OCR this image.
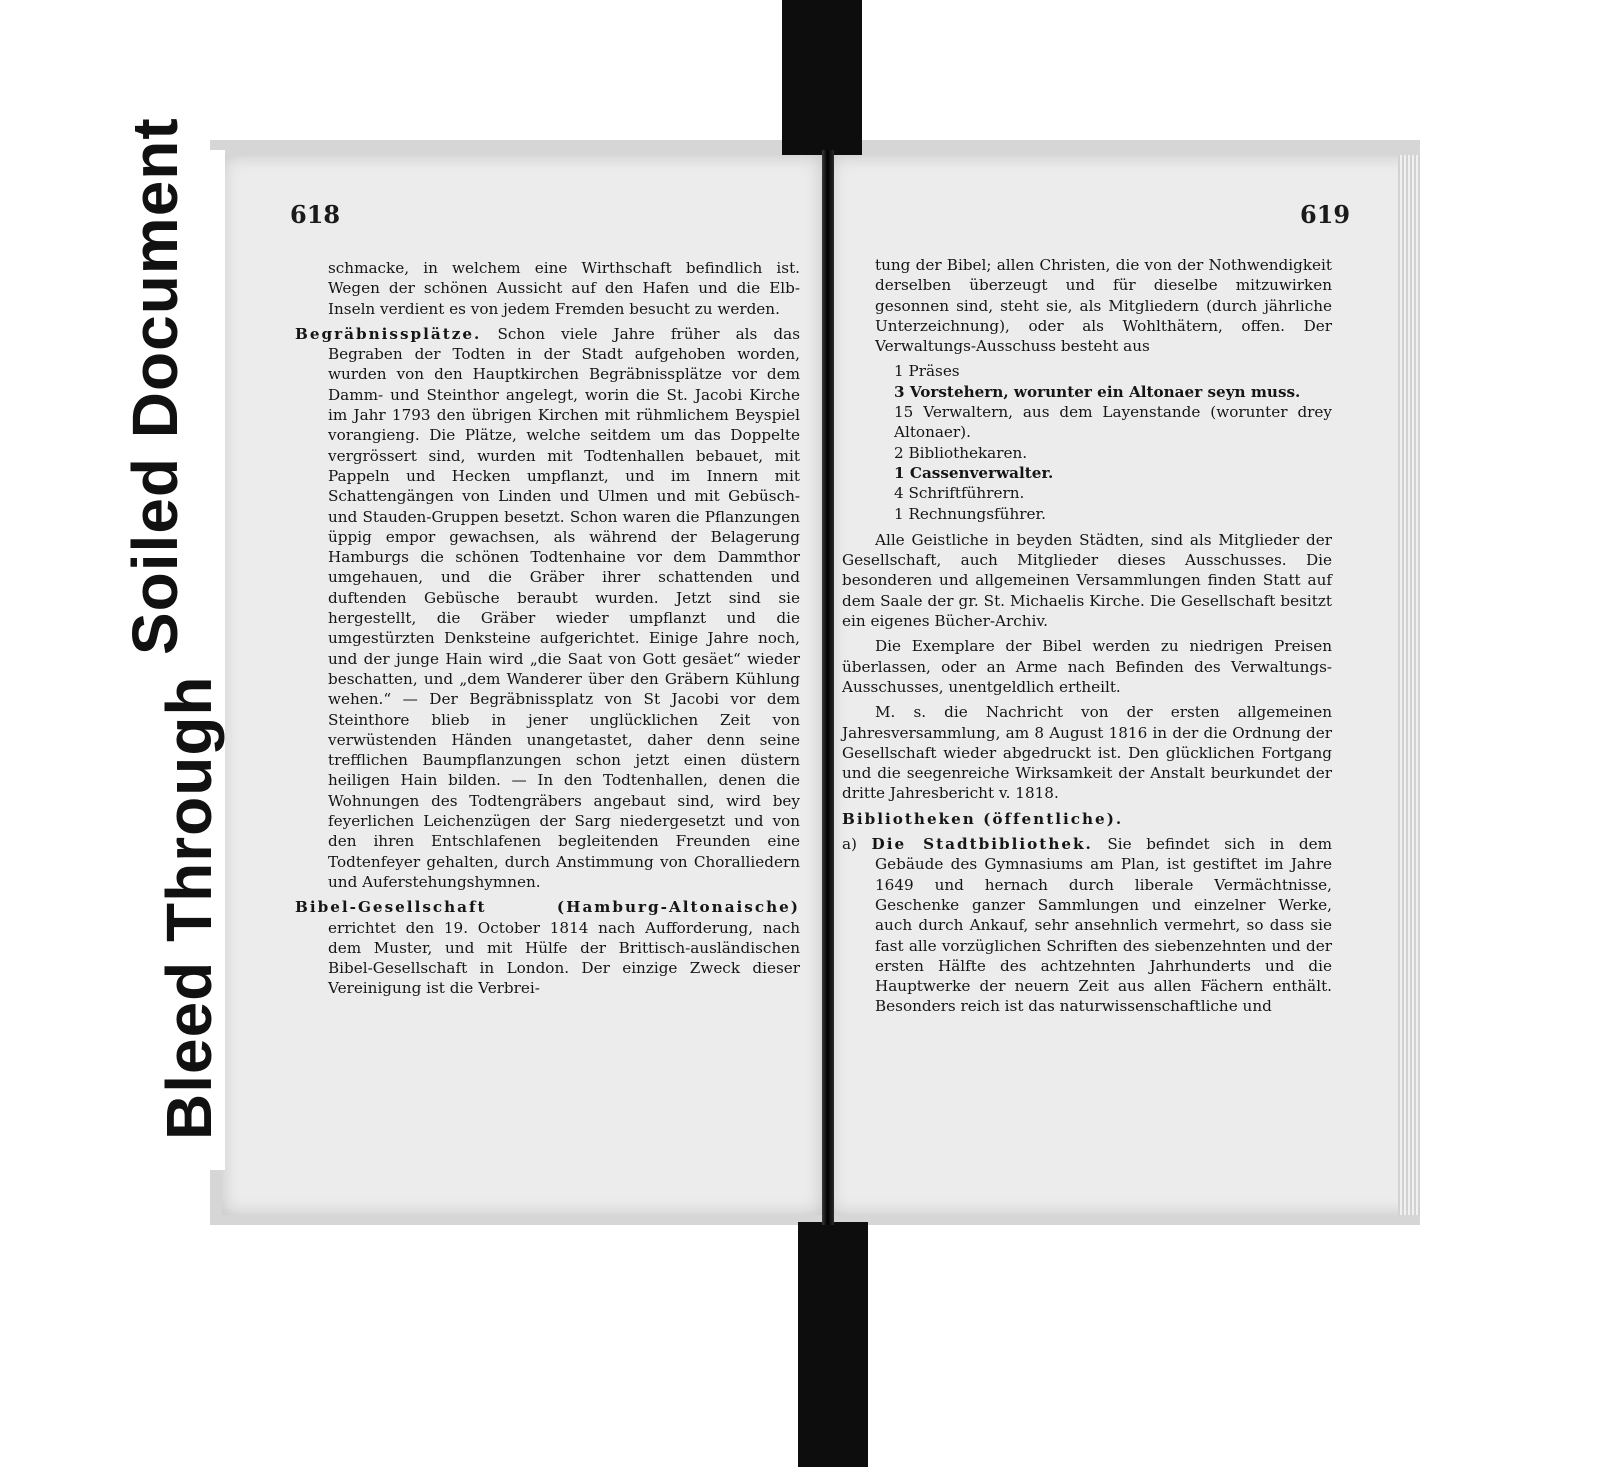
Soiled Document
Bleed Through
618	619

schmacke, in welchem eine Wirthschaft befindlich ist. Wegen der schönen Aussicht auf den Hafen und die Elb-Inseln verdient es von jedem Fremden besucht zu werden.

Begräbnissplätze. Schon viele Jahre früher als das Begraben der Todten in der Stadt aufgehoben worden, wurden von den Hauptkirchen Begräbnissplätze vor dem Damm- und Steinthor angelegt, worin die St. Jacobi Kirche im Jahr 1793 den übrigen Kirchen mit rühmlichem Beyspiel vorangieng. Die Plätze, welche seitdem um das Doppelte vergrössert sind, wurden mit Todtenhallen bebauet, mit Pappeln und Hecken umpflanzt, und im Innern mit Schattengängen von Linden und Ulmen und mit Gebüsch- und Stauden-Gruppen besetzt. Schon waren die Pflanzungen üppig empor gewachsen, als während der Belagerung Hamburgs die schönen Todtenhaine vor dem Dammthor umgehauen, und die Gräber ihrer schattenden und duftenden Gebüsche beraubt wurden. Jetzt sind sie hergestellt, die Gräber wieder umpflanzt und die umgestürzten Denksteine aufgerichtet. Einige Jahre noch, und der junge Hain wird „die Saat von Gott gesäet“ wieder beschatten, und „dem Wanderer über den Gräbern Kühlung wehen.“ — Der Begräbnissplatz von St Jacobi vor dem Steinthore blieb in jener unglücklichen Zeit von verwüstenden Händen unangetastet, daher denn seine trefflichen Baumpflanzungen schon jetzt einen düstern heiligen Hain bilden. — In den Todtenhallen, denen die Wohnungen des Todtengräbers angebaut sind, wird bey feyerlichen Leichenzügen der Sarg niedergesetzt und von den ihren Entschlafenen begleitenden Freunden eine Todtenfeyer gehalten, durch Anstimmung von Choralliedern und Auferstehungshymnen.

Bibel-Gesellschaft (Hamburg-Altonaische) errichtet den 19. October 1814 nach Aufforderung, nach dem Muster, und mit Hülfe der Brittisch-ausländischen Bibel-Gesellschaft in London. Der einzige Zweck dieser Vereinigung ist die Verbrei-

tung der Bibel; allen Christen, die von der Nothwendigkeit derselben überzeugt und für dieselbe mitzuwirken gesonnen sind, steht sie, als Mitgliedern (durch jährliche Unterzeichnung), oder als Wohlthätern, offen. Der Verwaltungs-Ausschuss besteht aus

1 Präses
3 Vorstehern, worunter ein Altonaer seyn muss.
15 Verwaltern, aus dem Layenstande (worunter drey Altonaer).
2 Bibliothekaren.
1 Cassenverwalter.
4 Schriftführern.
1 Rechnungsführer.

Alle Geistliche in beyden Städten, sind als Mitglieder der Gesellschaft, auch Mitglieder dieses Ausschusses. Die besonderen und allgemeinen Versammlungen finden Statt auf dem Saale der gr. St. Michaelis Kirche. Die Gesellschaft besitzt ein eigenes Bücher-Archiv.

Die Exemplare der Bibel werden zu niedrigen Preisen überlassen, oder an Arme nach Befinden des Verwaltungs-Ausschusses, unentgeldlich ertheilt.

M. s. die Nachricht von der ersten allgemeinen Jahresversammlung, am 8 August 1816 in der die Ordnung der Gesellschaft wieder abgedruckt ist. Den glücklichen Fortgang und die seegenreiche Wirksamkeit der Anstalt beurkundet der dritte Jahresbericht v. 1818.

Bibliotheken (öffentliche).

a) Die Stadtbibliothek. Sie befindet sich in dem Gebäude des Gymnasiums am Plan, ist gestiftet im Jahre 1649 und hernach durch liberale Vermächtnisse, Geschenke ganzer Sammlungen und einzelner Werke, auch durch Ankauf, sehr ansehnlich vermehrt, so dass sie fast alle vorzüglichen Schriften des siebenzehnten und der ersten Hälfte des achtzehnten Jahrhunderts und die Hauptwerke der neuern Zeit aus allen Fächern enthält. Besonders reich ist das naturwissenschaftliche und
